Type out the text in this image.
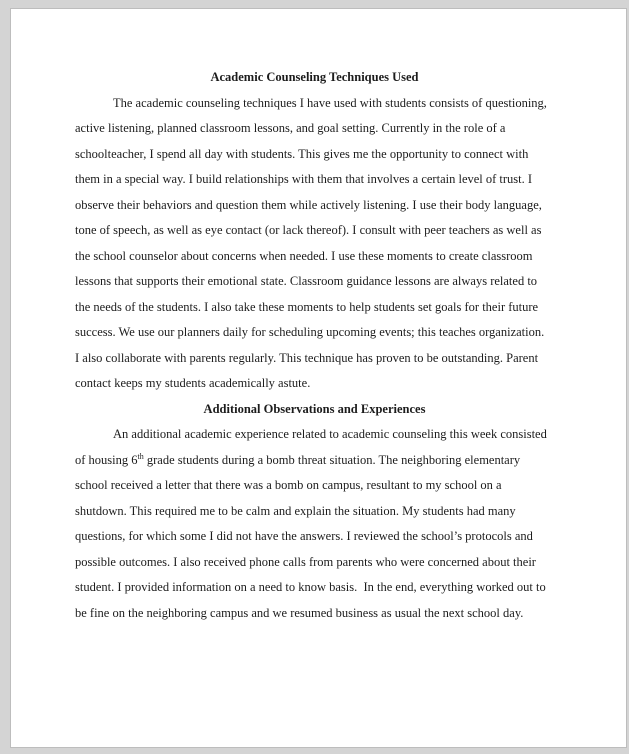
Academic Counseling Techniques Used

The academic counseling techniques I have used with students consists of questioning, active listening, planned classroom lessons, and goal setting. Currently in the role of a schoolteacher, I spend all day with students. This gives me the opportunity to connect with them in a special way. I build relationships with them that involves a certain level of trust. I observe their behaviors and question them while actively listening. I use their body language, tone of speech, as well as eye contact (or lack thereof). I consult with peer teachers as well as the school counselor about concerns when needed. I use these moments to create classroom lessons that supports their emotional state. Classroom guidance lessons are always related to the needs of the students. I also take these moments to help students set goals for their future success. We use our planners daily for scheduling upcoming events; this teaches organization.  I also collaborate with parents regularly. This technique has proven to be outstanding. Parent contact keeps my students academically astute.

Additional Observations and Experiences

An additional academic experience related to academic counseling this week consisted of housing 6th grade students during a bomb threat situation. The neighboring elementary school received a letter that there was a bomb on campus, resultant to my school on a shutdown. This required me to be calm and explain the situation. My students had many questions, for which some I did not have the answers. I reviewed the school’s protocols and possible outcomes. I also received phone calls from parents who were concerned about their student. I provided information on a need to know basis.  In the end, everything worked out to be fine on the neighboring campus and we resumed business as usual the next school day.
